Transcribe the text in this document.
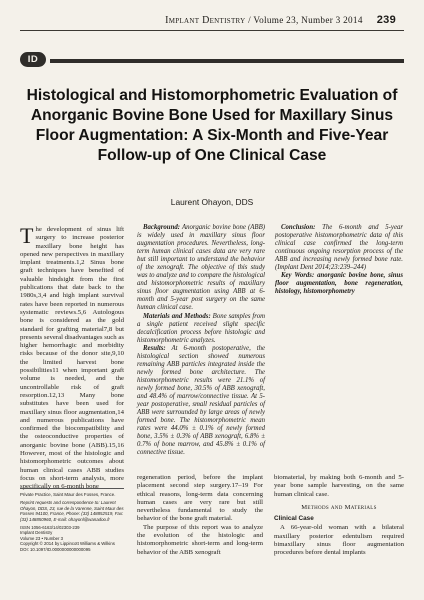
Implant Dentistry / Volume 23, Number 3 2014 239
ID
Histological and Histomorphometric Evaluation of Anorganic Bovine Bone Used for Maxillary Sinus Floor Augmentation: A Six-Month and Five-Year Follow-up of One Clinical Case
Laurent Ohayon, DDS

The development of sinus lift surgery to increase posterior maxillary bone height has opened new perspectives in maxillary implant treatments.1,2 Sinus bone graft techniques have benefited of valuable hindsight from the first publications that date back to the 1980s,3,4 and high implant survival rates have been reported in numerous systematic reviews.5,6 Autologous bone is considered as the gold standard for grafting material7,8 but presents several disadvantages such as higher hemorrhagic and morbidity risks because of the donor site,9,10 the limited harvest bone possibilities11 when important graft volume is needed, and the uncontrollable risk of graft resorption.12,13 Many bone substitutes have been used for maxillary sinus floor augmentation,14 and numerous publications have confirmed the biocompatibility and the osteoconductive properties of anorganic bovine bone (ABB).15,16 However, most of the histologic and histomorphometric outcomes about human clinical cases ABB studies focus on short-term analysis, more specifically on 6-month bone

Background: Anorganic bovine bone (ABB) is widely used in maxillary sinus floor augmentation procedures. Nevertheless, long-term human clinical cases data are very rare but still important to understand the behavior of the xenograft. The objective of this study was to analyze and to compare the histological and histomorphometric results of maxillary sinus floor augmentation using ABB at 6-month and 5-year post surgery on the same human clinical case.

Materials and Methods: Bone samples from a single patient received slight specific decalcification process before histologic and histomorphometric analyzes.

Results: At 6-month postoperative, the histological section showed numerous remaining ABB particles integrated inside the newly formed bone architecture. The histomorphometric results were 21.1% of newly formed bone, 30.5% of ABB xenograft, and 48.4% of marrow/connective tissue. At 5-year postoperative, small residual particles of ABB were surrounded by large areas of newly formed bone. The histomorphometric mean rates were 44.0% ± 0.1% of newly formed bone, 3.5% ± 0.3% of ABB xenograft, 6.8% ± 0.7% of bone marrow, and 45.8% ± 0.1% of connective tissue.

Conclusion: The 6-month and 5-year postoperative histomorphometric data of this clinical case confirmed the long-term continuous ongoing resorption process of the ABB and increasing newly formed bone rate. (Implant Dent 2014;23:239–244)

Key Words: anorganic bovine bone, sinus floor augmentation, bone regeneration, histology, histomorphometry

Private Practice, Saint Maur des Fosses, France.
Reprint requests and correspondence to: Laurent Ohayon, DDS, 23, rue de la Varenne, Saint Maur des Fosses 94100, France, Phone: (33) 148852519, Fax: (33) 148850960, E-mail: ohayonl@wanadoo.fr
ISSN 1056-6163/14/02303-239
Implant Dentistry
Volume 23 • Number 3
Copyright © 2014 by Lippincott Williams & Wilkins
DOI: 10.1097/ID.0000000000000095

regeneration period, before the implant placement second step surgery.17–19 For ethical reasons, long-term data concerning human cases are very rare but still nevertheless fundamental to study the behavior of the bone graft material.

The purpose of this report was to analyze the evolution of the histologic and histomorphometric short-term and long-term behavior of the ABB xenograft

biomaterial, by making both 6-month and 5-year bone sample harvesting, on the same human clinical case.

Methods and Materials
Clinical Case

A 66-year-old woman with a bilateral maxillary posterior edentulism required bimaxillary sinus floor augmentation procedures before dental implants
